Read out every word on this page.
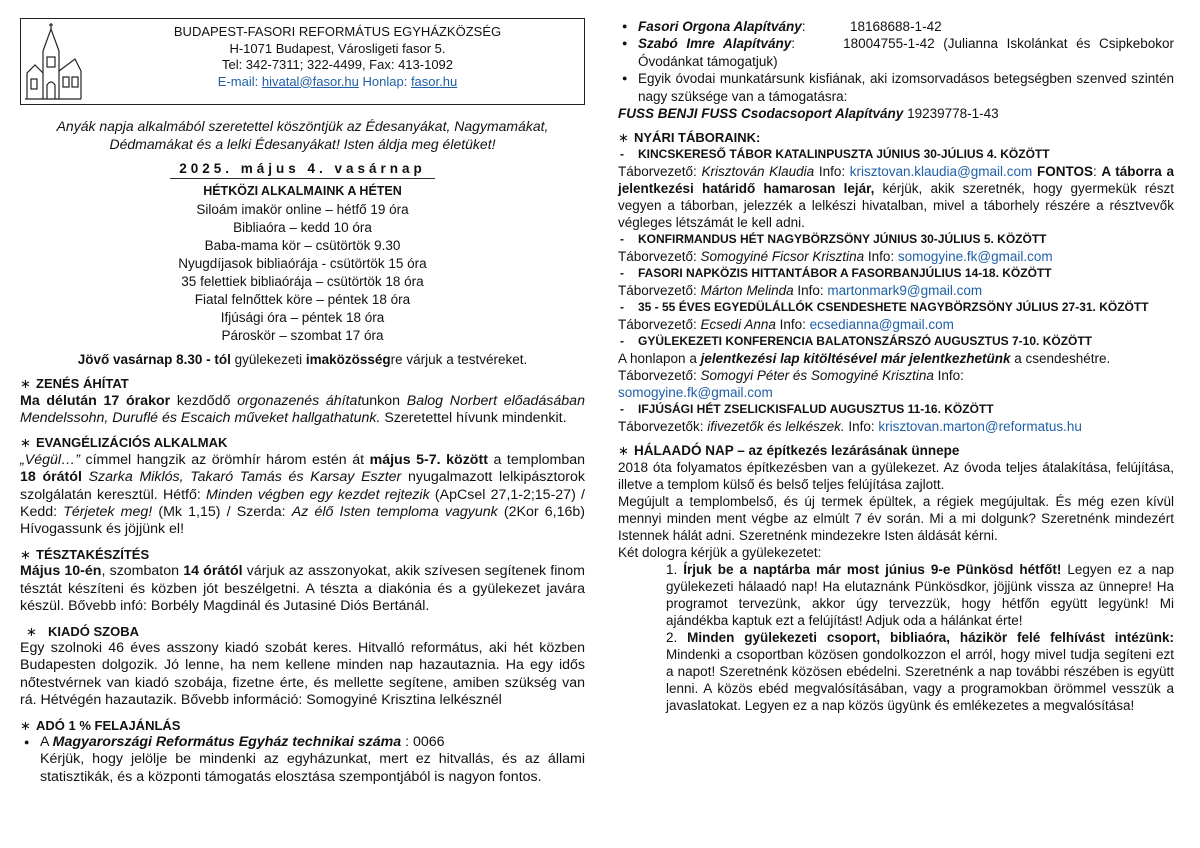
BUDAPEST-FASORI REFORMÁTUS EGYHÁZKÖZSÉG
H-1071 Budapest, Városligeti fasor 5.
Tel: 342-7311; 322-4499, Fax: 413-1092
E-mail: hivatal@fasor.hu Honlap: fasor.hu
Anyák napja alkalmából szeretettel köszöntjük az Édesanyákat, Nagymamákat, Dédmamákat és a lelki Édesanyákat! Isten áldja meg életüket!
2025. május 4. vasárnap
HÉTKÖZI ALKALMAINK A HÉTEN
Siloám imakör online – hétfő 19 óra
Bibliaóra – kedd 10 óra
Baba-mama kör – csütörtök 9.30
Nyugdíjasok bibliaórája - csütörtök 15 óra
35 felettiek bibliaórája – csütörtök 18 óra
Fiatal felnőttek köre – péntek 18 óra
Ifjúsági óra – péntek 18 óra
Pároskör – szombat 17 óra
Jövő vasárnap 8.30 - tól gyülekezeti imaközösségre várjuk a testvéreket.
∗ ZENÉS ÁHÍTAT

Ma délután 17 órakor kezdődő orgonazenés áhítatunkon Balog Norbert előadásában Mendelssohn, Duruflé és Escaich műveket hallgathatunk. Szeretettel hívunk mindenkit.

∗ EVANGÉLIZÁCIÓS ALKALMAK

„Végül…” címmel hangzik az örömhír három estén át május 5-7. között a templomban 18 órától Szarka Miklós, Takaró Tamás és Karsay Eszter nyugalmazott lelkipásztorok szolgálatán keresztül. Hétfő: Minden végben egy kezdet rejtezik (ApCsel 27,1-2;15-27) / Kedd: Térjetek meg! (Mk 1,15) / Szerda: Az élő Isten temploma vagyunk (2Kor 6,16b) Hívogassunk és jöjjünk el!

∗ TÉSZTAKÉSZÍTÉS

Május 10-én, szombaton 14 órától várjuk az asszonyokat, akik szívesen segítenek finom tésztát készíteni és közben jót beszélgetni. A tészta a diakónia és a gyülekezet javára készül. Bővebb infó: Borbély Magdinál és Jutasiné Diós Bertánál.

∗ KIADÓ SZOBA

Egy szolnoki 46 éves asszony kiadó szobát keres. Hitvalló református, aki hét közben Budapesten dolgozik. Jó lenne, ha nem kellene minden nap hazautaznia. Ha egy idős nőtestvérnek van kiadó szobája, fizetne érte, és mellette segítene, amiben szükség van rá. Hétvégén hazautazik. Bővebb információ: Somogyiné Krisztina lelkésznél

∗ ADÓ 1 % FELAJÁNLÁS
● A Magyarországi Református Egyház technikai száma : 0066

Kérjük, hogy jelölje be mindenki az egyházunkat, mert ez hitvallás, és az állami statisztikák, és a központi támogatás elosztása szempontjából is nagyon fontos.

● Fasori Orgona Alapítvány:	18168688-1-42
● Szabó Imre Alapítvány:	18004755-1-42 (Julianna Iskolánkat és Csipkebokor Óvodánkat támogatjuk)
● Egyik óvodai munkatársunk kisfiának, aki izomsorvadásos betegségben szenved szintén nagy szüksége van a támogatásra:
FUSS BENJI FUSS Csodacsoport Alapítvány 19239778-1-43
∗ NYÁRI TÁBORAINK:
- KINCSKERESŐ TÁBOR KATALINPUSZTA JÚNIUS 30-JÚLIUS 4. KÖZÖTT

Táborvezető: Krisztován Klaudia Info: krisztovan.klaudia@gmail.com FONTOS: A táborra a jelentkezési határidő hamarosan lejár, kérjük, akik szeretnék, hogy gyermekük részt vegyen a táborban, jelezzék a lelkészi hivatalban, mivel a táborhely részére a résztvevők végleges létszámát le kell adni.

- KONFIRMANDUS HÉT NAGYBÖRZSÖNY JÚNIUS 30-JÚLIUS 5. KÖZÖTT

Táborvezető: Somogyiné Ficsor Krisztina Info: somogyine.fk@gmail.com

- FASORI NAPKÖZIS HITTANTÁBOR A FASORBANJÚLIUS 14-18. KÖZÖTT

Táborvezető: Márton Melinda Info: martonmark9@gmail.com

- 35 - 55 ÉVES EGYEDÜLÁLLÓK CSENDESHETE NAGYBÖRZSÖNY JÚLIUS 27-31. KÖZÖTT

Táborvezető: Ecsedi Anna Info: ecsedianna@gmail.com

- GYÜLEKEZETI KONFERENCIA BALATONSZÁRSZÓ AUGUSZTUS 7-10. KÖZÖTT

A honlapon a jelentkezési lap kitöltésével már jelentkezhetünk a csendeshétre.
Táborvezető: Somogyi Péter és Somogyiné Krisztina Info:
somogyine.fk@gmail.com

- IFJÚSÁGI HÉT ZSELICKISFALUD AUGUSZTUS 11-16. KÖZÖTT

Táborvezetők: ifivezetők és lelkészek. Info: krisztovan.marton@reformatus.hu

∗ HÁLAADÓ NAP – az építkezés lezárásának ünnepe

2018 óta folyamatos építkezésben van a gyülekezet. Az óvoda teljes átalakítása, felújítása, illetve a templom külső és belső teljes felújítása zajlott.

Megújult a templombelső, és új termek épültek, a régiek megújultak. És még ezen kívül mennyi minden ment végbe az elmúlt 7 év során. Mi a mi dolgunk? Szeretnénk mindezért Istennek hálát adni. Szeretnénk mindezekre Isten áldását kérni.

Két dologra kérjük a gyülekezetet:

1. Írjuk be a naptárba már most június 9-e Pünkösd hétfőt! Legyen ez a nap gyülekezeti hálaadó nap! Ha elutaznánk Pünkösdkor, jöjjünk vissza az ünnepre! Ha programot tervezünk, akkor úgy tervezzük, hogy hétfőn együtt legyünk! Mi ajándékba kaptuk ezt a felújítást! Adjuk oda a hálánkat érte!

2. Minden gyülekezeti csoport, bibliaóra, házikör felé felhívást intézünk: Mindenki a csoportban közösen gondolkozzon el arról, hogy mivel tudja segíteni ezt a napot! Szeretnénk közösen ebédelni. Szeretnénk a nap további részében is együtt lenni. A közös ebéd megvalósításában, vagy a programokban örömmel vesszük a javaslatokat. Legyen ez a nap közös ügyünk és emlékezetes a megvalósítása!
